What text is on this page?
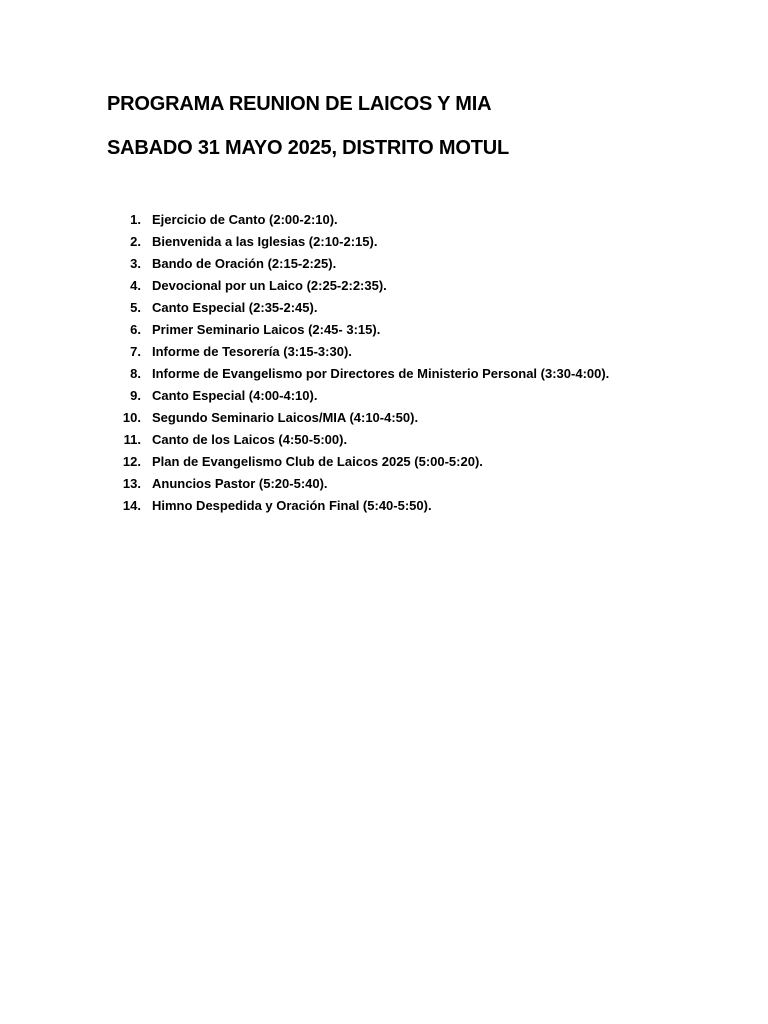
PROGRAMA REUNION DE LAICOS Y MIA
SABADO 31 MAYO 2025, DISTRITO MOTUL
1. Ejercicio de Canto (2:00-2:10).
2. Bienvenida a las Iglesias (2:10-2:15).
3. Bando de Oración (2:15-2:25).
4. Devocional por un Laico (2:25-2:2:35).
5. Canto Especial (2:35-2:45).
6. Primer Seminario Laicos (2:45- 3:15).
7. Informe de Tesorería (3:15-3:30).
8. Informe de Evangelismo por Directores de Ministerio Personal (3:30-4:00).
9. Canto Especial (4:00-4:10).
10. Segundo Seminario Laicos/MIA (4:10-4:50).
11. Canto de los Laicos (4:50-5:00).
12. Plan de Evangelismo Club de Laicos 2025 (5:00-5:20).
13. Anuncios Pastor (5:20-5:40).
14. Himno Despedida y Oración Final (5:40-5:50).
